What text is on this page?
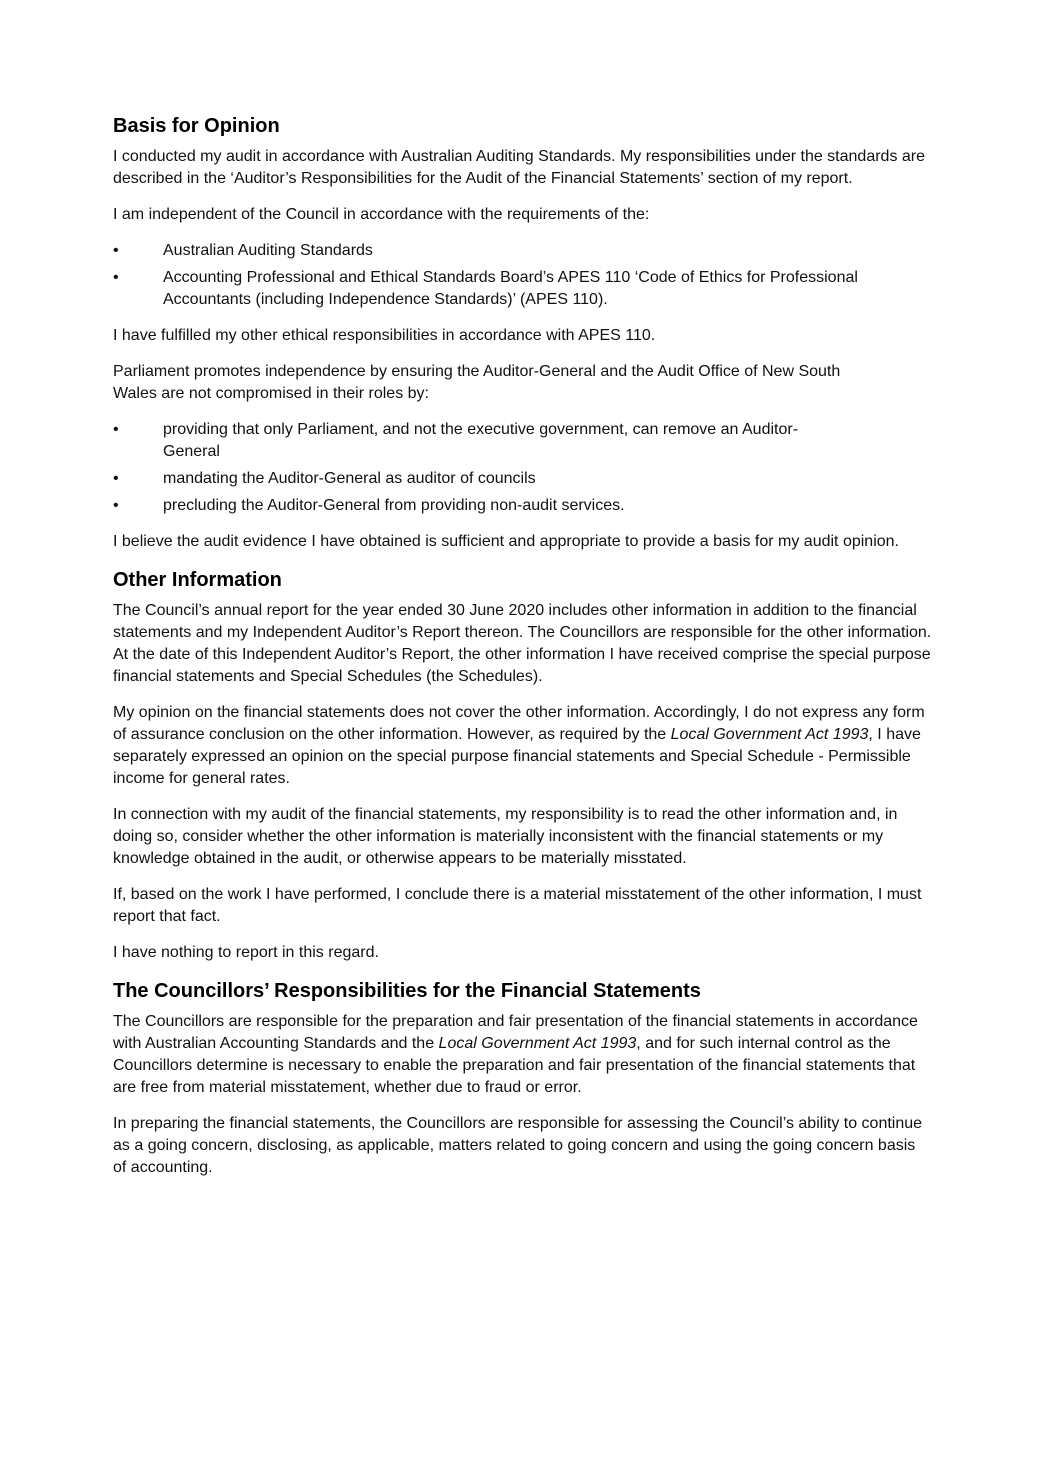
Basis for Opinion

I conducted my audit in accordance with Australian Auditing Standards. My responsibilities under the standards are described in the ‘Auditor’s Responsibilities for the Audit of the Financial Statements’ section of my report.

I am independent of the Council in accordance with the requirements of the:

•	Australian Auditing Standards
•	Accounting Professional and Ethical Standards Board’s APES 110 ‘Code of Ethics for Professional Accountants (including Independence Standards)’ (APES 110).

I have fulfilled my other ethical responsibilities in accordance with APES 110.

Parliament promotes independence by ensuring the Auditor-General and the Audit Office of New South Wales are not compromised in their roles by:

•	providing that only Parliament, and not the executive government, can remove an Auditor-General
•	mandating the Auditor-General as auditor of councils
•	precluding the Auditor-General from providing non-audit services.

I believe the audit evidence I have obtained is sufficient and appropriate to provide a basis for my audit opinion.

Other Information

The Council’s annual report for the year ended 30 June 2020 includes other information in addition to the financial statements and my Independent Auditor’s Report thereon. The Councillors are responsible for the other information. At the date of this Independent Auditor’s Report, the other information I have received comprise the special purpose financial statements and Special Schedules (the Schedules).

My opinion on the financial statements does not cover the other information. Accordingly, I do not express any form of assurance conclusion on the other information. However, as required by the Local Government Act 1993, I have separately expressed an opinion on the special purpose financial statements and Special Schedule - Permissible income for general rates.

In connection with my audit of the financial statements, my responsibility is to read the other information and, in doing so, consider whether the other information is materially inconsistent with the financial statements or my knowledge obtained in the audit, or otherwise appears to be materially misstated.

If, based on the work I have performed, I conclude there is a material misstatement of the other information, I must report that fact.

I have nothing to report in this regard.

The Councillors’ Responsibilities for the Financial Statements

The Councillors are responsible for the preparation and fair presentation of the financial statements in accordance with Australian Accounting Standards and the Local Government Act 1993, and for such internal control as the Councillors determine is necessary to enable the preparation and fair presentation of the financial statements that are free from material misstatement, whether due to fraud or error.

In preparing the financial statements, the Councillors are responsible for assessing the Council’s ability to continue as a going concern, disclosing, as applicable, matters related to going concern and using the going concern basis of accounting.
